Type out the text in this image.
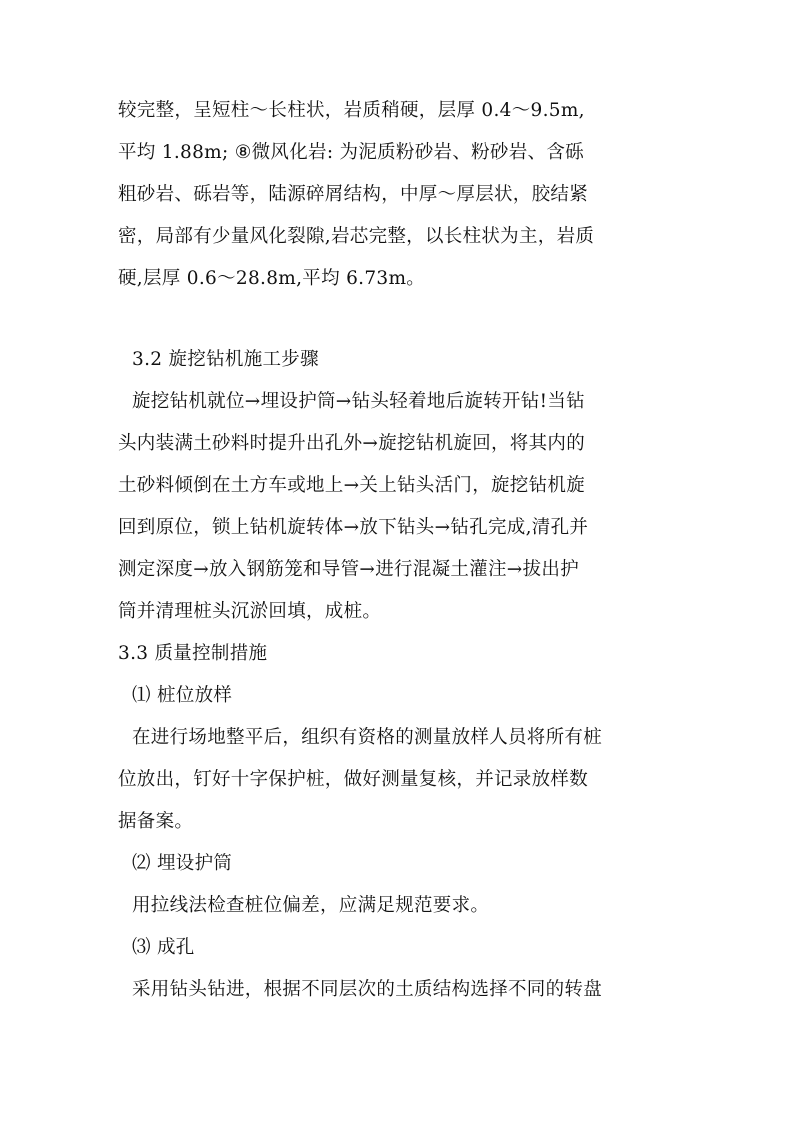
较完整，呈短柱～长柱状，岩质稍硬，层厚 0.4～9.5m,
平均 1.88m; ⑧微风化岩: 为泥质粉砂岩、粉砂岩、含砾
粗砂岩、砾岩等，陆源碎屑结构，中厚～厚层状，胶结紧
密，局部有少量风化裂隙,岩芯完整，以长柱状为主，岩质
硬,层厚 0.6～28.8m,平均 6.73m。
3.2 旋挖钻机施工步骤
旋挖钻机就位→埋设护筒→钻头轻着地后旋转开钻!当钻
头内装满土砂料时提升出孔外→旋挖钻机旋回，将其内的
土砂料倾倒在土方车或地上→关上钻头活门，旋挖钻机旋
回到原位，锁上钻机旋转体→放下钻头→钻孔完成,清孔并
测定深度→放入钢筋笼和导管→进行混凝土灌注→拔出护
筒并清理桩头沉淤回填，成桩。
3.3 质量控制措施
⑴ 桩位放样
在进行场地整平后，组织有资格的测量放样人员将所有桩
位放出，钉好十字保护桩，做好测量复核，并记录放样数
据备案。
⑵ 埋设护筒
用拉线法检查桩位偏差，应满足规范要求。
⑶ 成孔
采用钻头钻进，根据不同层次的土质结构选择不同的转盘
